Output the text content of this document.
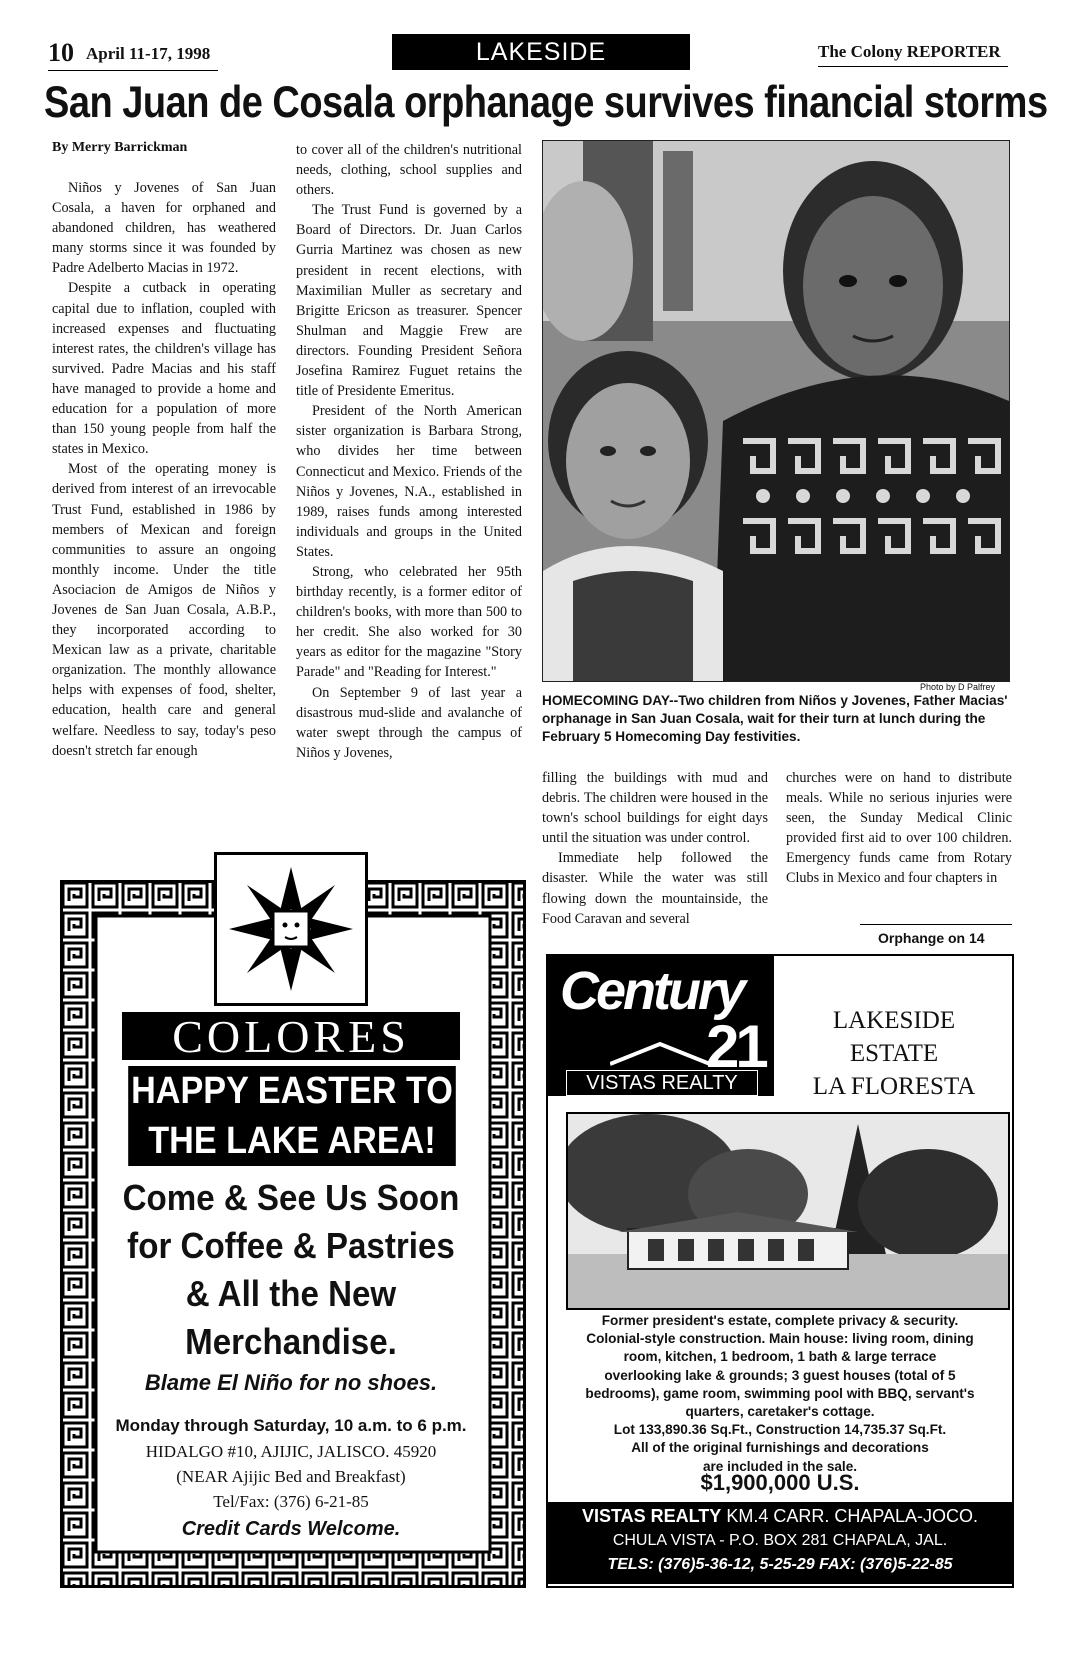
10 April 11-17, 1998	LAKESIDE	The Colony REPORTER
San Juan de Cosala orphanage survives financial storms
By Merry Barrickman

Niños y Jovenes of San Juan Cosala, a haven for orphaned and abandoned children, has weathered many storms since it was founded by Padre Adelberto Macias in 1972.

Despite a cutback in operating capital due to inflation, coupled with increased expenses and fluctuating interest rates, the children's village has survived. Padre Macias and his staff have managed to provide a home and education for a population of more than 150 young people from half the states in Mexico.

Most of the operating money is derived from interest of an irrevocable Trust Fund, established in 1986 by members of Mexican and foreign communities to assure an ongoing monthly income. Under the title Asociacion de Amigos de Niños y Jovenes de San Juan Cosala, A.B.P., they incorporated according to Mexican law as a private, charitable organization. The monthly allowance helps with expenses of food, shelter, education, health care and general welfare. Needless to say, today's peso doesn't stretch far enough

to cover all of the children's nutritional needs, clothing, school supplies and others.

The Trust Fund is governed by a Board of Directors. Dr. Juan Carlos Gurria Martinez was chosen as new president in recent elections, with Maximilian Muller as secretary and Brigitte Ericson as treasurer. Spencer Shulman and Maggie Frew are directors. Founding President Señora Josefina Ramirez Fuguet retains the title of Presidente Emeritus.

President of the North American sister organization is Barbara Strong, who divides her time between Connecticut and Mexico. Friends of the Niños y Jovenes, N.A., established in 1989, raises funds among interested individuals and groups in the United States.

Strong, who celebrated her 95th birthday recently, is a former editor of children's books, with more than 500 to her credit. She also worked for 30 years as editor for the magazine "Story Parade" and "Reading for Interest."

On September 9 of last year a disastrous mud-slide and avalanche of water swept through the campus of Niños y Jovenes,

Photo by D Palfrey
HOMECOMING DAY--Two children from Niños y Jovenes, Father Macias' orphanage in San Juan Cosala, wait for their turn at lunch during the February 5 Homecoming Day festivities.

filling the buildings with mud and debris. The children were housed in the town's school buildings for eight days until the situation was under control.

Immediate help followed the disaster. While the water was still flowing down the mountainside, the Food Caravan and several

churches were on hand to distribute meals. While no serious injuries were seen, the Sunday Medical Clinic provided first aid to over 100 children. Emergency funds came from Rotary Clubs in Mexico and four chapters in

Orphange on 14
COLORES
HAPPY EASTER TO
THE LAKE AREA!
Come & See Us Soon
for Coffee & Pastries
& All the New
Merchandise.
Blame El Niño for no shoes.
Monday through Saturday, 10 a.m. to 6 p.m.
HIDALGO #10, AJIJIC, JALISCO. 45920
(NEAR Ajijic Bed and Breakfast)
Tel/Fax: (376) 6-21-85
Credit Cards Welcome.
Century
21
VISTAS REALTY
LAKESIDE
ESTATE
LA FLORESTA
Former president's estate, complete privacy & security.
Colonial-style construction. Main house: living room, dining
room, kitchen, 1 bedroom, 1 bath & large terrace
overlooking lake & grounds; 3 guest houses (total of 5
bedrooms), game room, swimming pool with BBQ, servant's
quarters, caretaker's cottage.
Lot 133,890.36 Sq.Ft., Construction 14,735.37 Sq.Ft.
All of the original furnishings and decorations
are included in the sale.
$1,900,000 U.S.
VISTAS REALTY KM.4 CARR. CHAPALA-JOCO.
CHULA VISTA - P.O. BOX 281 CHAPALA, JAL.
TELS: (376)5-36-12, 5-25-29 FAX: (376)5-22-85
